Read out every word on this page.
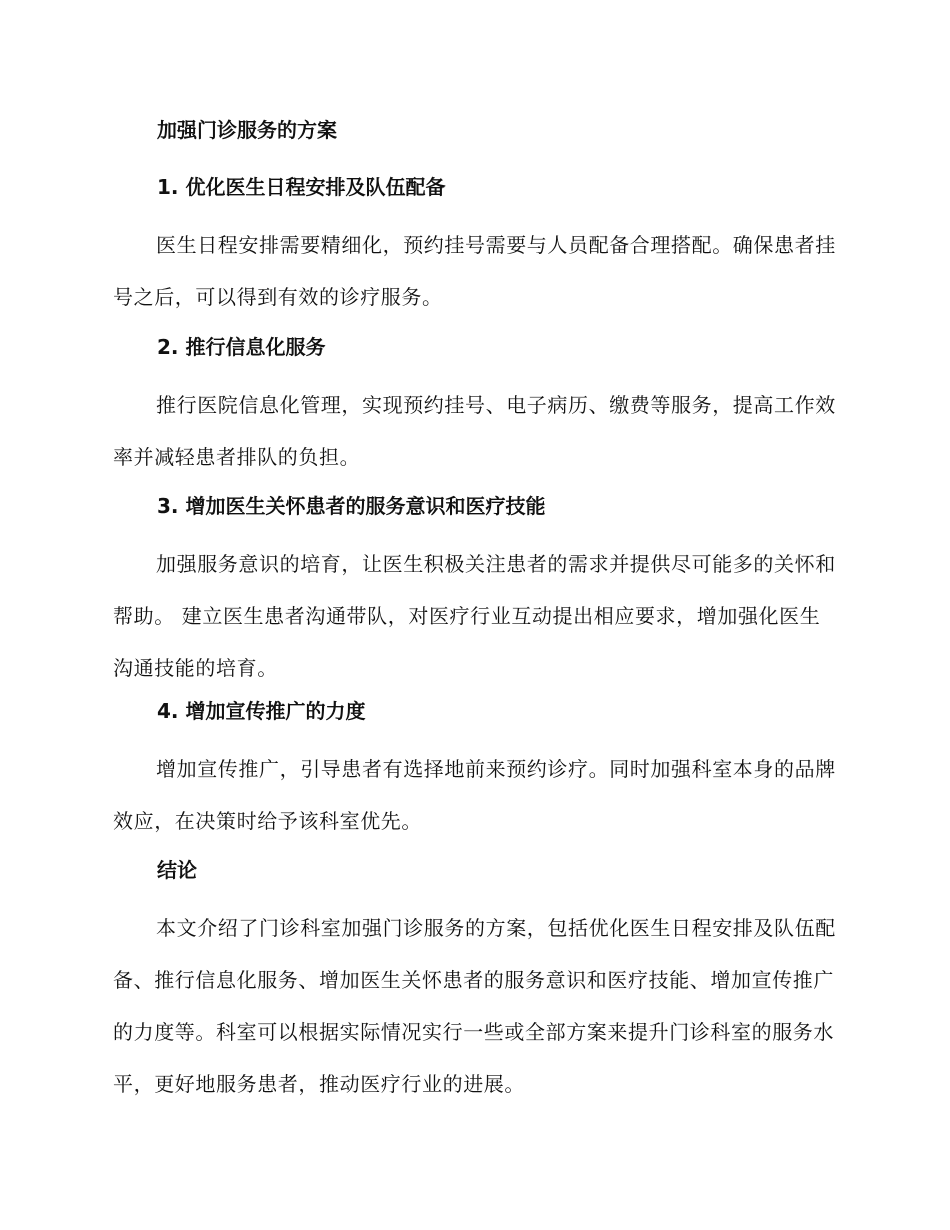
加强门诊服务的方案
1. 优化医生日程安排及队伍配备

医生日程安排需要精细化，预约挂号需要与人员配备合理搭配。确保患者挂号之后，可以得到有效的诊疗服务。

2. 推行信息化服务

推行医院信息化管理，实现预约挂号、电子病历、缴费等服务，提高工作效率并减轻患者排队的负担。

3. 增加医生关怀患者的服务意识和医疗技能

加强服务意识的培育，让医生积极关注患者的需求并提供尽可能多的关怀和帮助。 建立医生患者沟通带队，对医疗行业互动提出相应要求，增加强化医生沟通技能的培育。

4. 增加宣传推广的力度

增加宣传推广，引导患者有选择地前来预约诊疗。同时加强科室本身的品牌效应，在决策时给予该科室优先。

结论

本文介绍了门诊科室加强门诊服务的方案，包括优化医生日程安排及队伍配备、推行信息化服务、增加医生关怀患者的服务意识和医疗技能、增加宣传推广的力度等。科室可以根据实际情况实行一些或全部方案来提升门诊科室的服务水平，更好地服务患者，推动医疗行业的进展。
